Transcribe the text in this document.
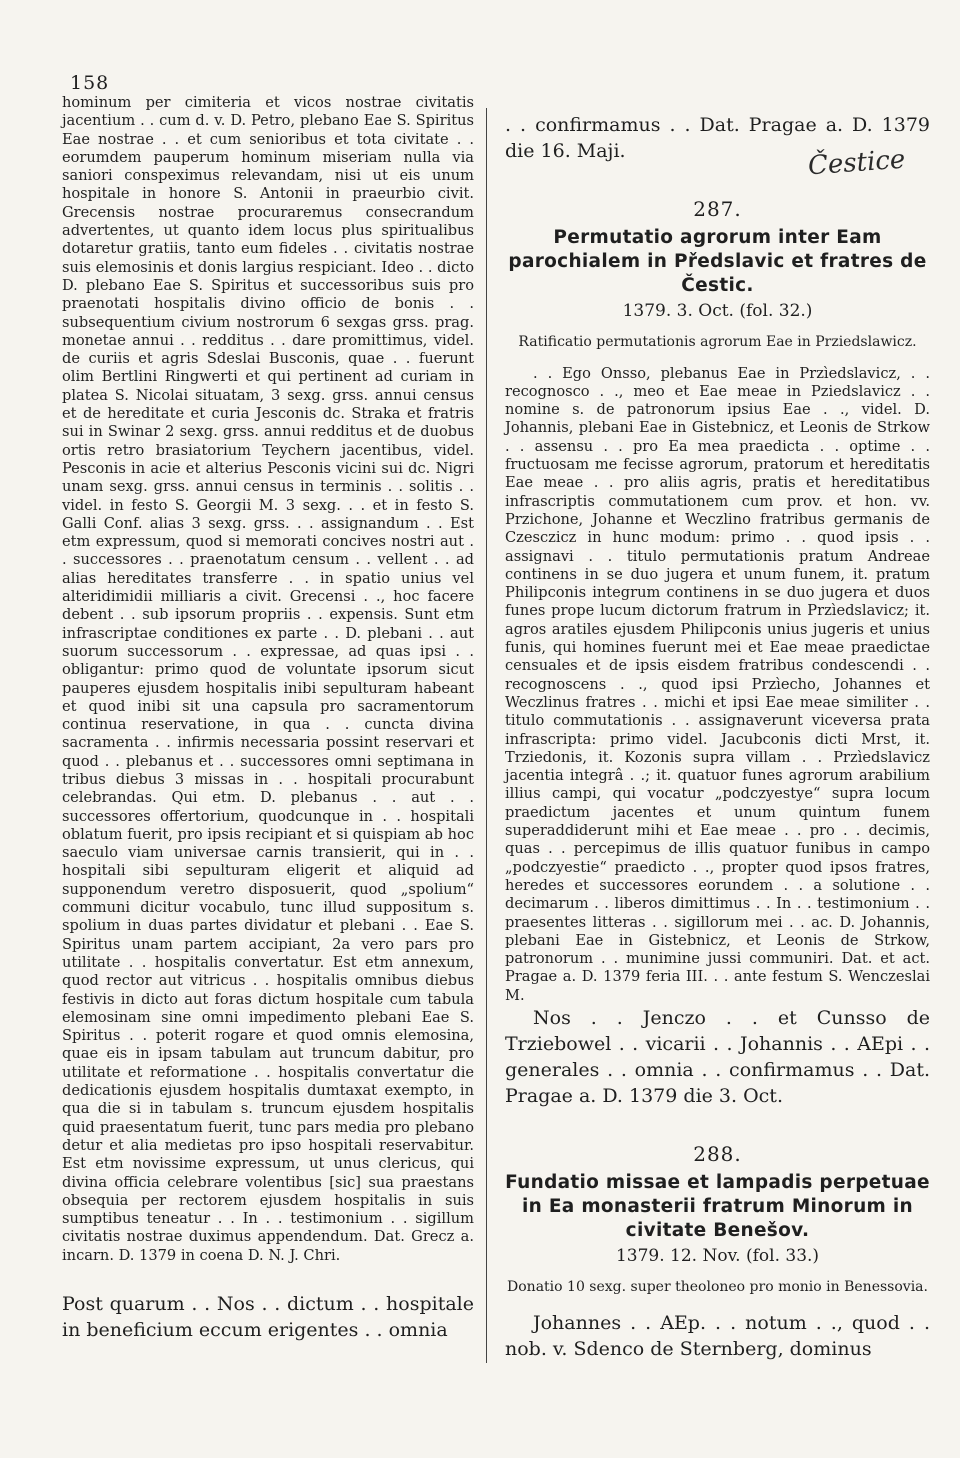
158

hominum per cimiteria et vicos nostrae civitatis jacentium . . cum d. v. D. Petro, plebano Eae S. Spiritus Eae nostrae . . et cum senioribus et tota civitate . . eorumdem pauperum hominum miseriam nulla via saniori conspeximus relevandam, nisi ut eis unum hospitale in honore S. Antonii in praeurbio civit. Grecensis nostrae procuraremus consecrandum advertentes, ut quanto idem locus plus spiritualibus dotaretur gratiis, tanto eum fideles . . civitatis nostrae suis elemosinis et donis largius respiciant. Ideo . . dicto D. plebano Eae S. Spiritus et successoribus suis pro praenotati hospitalis divino officio de bonis . . subsequentium civium nostrorum 6 sexgas grss. prag. monetae annui . . redditus . . dare promittimus, videl. de curiis et agris Sdeslai Busconis, quae . . fuerunt olim Bertlini Ringwerti et qui pertinent ad curiam in platea S. Nicolai situatam, 3 sexg. grss. annui census et de hereditate et curia Jesconis dc. Straka et fratris sui in Swinar 2 sexg. grss. annui redditus et de duobus ortis retro brasiatorium Teychern jacentibus, videl. Pesconis in acie et alterius Pesconis vicini sui dc. Nigri unam sexg. grss. annui census in terminis . . solitis . . videl. in festo S. Georgii M. 3 sexg. . . et in festo S. Galli Conf. alias 3 sexg. grss. . . assignandum . . Est etm expressum, quod si memorati concives nostri aut . . successores . . praenotatum censum . . vellent . . ad alias hereditates transferre . . in spatio unius vel alteridimidii milliaris a civit. Grecensi . ., hoc facere debent . . sub ipsorum propriis . . expensis. Sunt etm infrascriptae conditiones ex parte . . D. plebani . . aut suorum successorum . . expressae, ad quas ipsi . . obligantur: primo quod de voluntate ipsorum sicut pauperes ejusdem hospitalis inibi sepulturam habeant et quod inibi sit una capsula pro sacramentorum continua reservatione, in qua . . cuncta divina sacramenta . . infirmis necessaria possint reservari et quod . . plebanus et . . successores omni septimana in tribus diebus 3 missas in . . hospitali procurabunt celebrandas. Qui etm. D. plebanus . . aut . . successores offertorium, quodcunque in . . hospitali oblatum fuerit, pro ipsis recipiant et si quispiam ab hoc saeculo viam universae carnis transierit, qui in . . hospitali sibi sepulturam eligerit et aliquid ad supponendum veretro disposuerit, quod „spolium“ communi dicitur vocabulo, tunc illud suppositum s. spolium in duas partes dividatur et plebani . . Eae S. Spiritus unam partem accipiant, 2a vero pars pro utilitate . . hospitalis convertatur. Est etm annexum, quod rector aut vitricus . . hospitalis omnibus diebus festivis in dicto aut foras dictum hospitale cum tabula elemosinam sine omni impedimento plebani Eae S. Spiritus . . poterit rogare et quod omnis elemosina, quae eis in ipsam tabulam aut truncum dabitur, pro utilitate et reformatione . . hospitalis convertatur die dedicationis ejusdem hospitalis dumtaxat exempto, in qua die si in tabulam s. truncum ejusdem hospitalis quid praesentatum fuerit, tunc pars media pro plebano detur et alia medietas pro ipso hospitali reservabitur. Est etm novissime expressum, ut unus clericus, qui divina officia celebrare volentibus [sic] sua praestans obsequia per rectorem ejusdem hospitalis in suis sumptibus teneatur . . In . . testimonium . . sigillum civitatis nostrae duximus appendendum. Dat. Grecz a. incarn. D. 1379 in coena D. N. J. Chri.

Post quarum . . Nos . . dictum . . hospitale in beneficium eccum erigentes . . omnia

Čestice

. . confirmamus . . Dat. Pragae a. D. 1379 die 16. Maji.

287.
Permutatio agrorum inter Eam parochialem in Předslavic et fratres de Čestic.
1379. 3. Oct. (fol. 32.)
Ratificatio permutationis agrorum Eae in Prziedslawicz.

. . Ego Onsso, plebanus Eae in Przìedslavicz, . . recognosco . ., meo et Eae meae in Pziedslavicz . . nomine s. de patronorum ipsius Eae . ., videl. D. Johannis, plebani Eae in Gistebnicz, et Leonis de Strkow . . assensu . . pro Ea mea praedicta . . optime . . fructuosam me fecisse agrorum, pratorum et hereditatis Eae meae . . pro aliis agris, pratis et hereditatibus infrascriptis commutationem cum prov. et hon. vv. Przichone, Johanne et Weczlino fratribus germanis de Czesczicz in hunc modum: primo . . quod ipsis . . assignavi . . titulo permutationis pratum Andreae continens in se duo jugera et unum funem, it. pratum Philipconis integrum continens in se duo jugera et duos funes prope lucum dictorum fratrum in Przìedslavicz; it. agros aratiles ejusdem Philipconis unius jugeris et unius funis, qui homines fuerunt mei et Eae meae praedictae censuales et de ipsis eisdem fratribus condescendi . . recognoscens . ., quod ipsi Przìecho, Johannes et Weczlinus fratres . . michi et ipsi Eae meae similiter . . titulo commutationis . . assignaverunt viceversa prata infrascripta: primo videl. Jacubconis dicti Mrst, it. Trziedonis, it. Kozonis supra villam . . Przìedslavicz jacentia integrâ . .; it. quatuor funes agrorum arabilium illius campi, qui vocatur „podczyestye“ supra locum praedictum jacentes et unum quintum funem superaddiderunt mihi et Eae meae . . pro . . decimis, quas . . percepimus de illis quatuor funibus in campo „podczyestie“ praedicto . ., propter quod ipsos fratres, heredes et successores eorundem . . a solutione . . decimarum . . liberos dimittimus . . In . . testimonium . . praesentes litteras . . sigillorum mei . . ac. D. Johannis, plebani Eae in Gistebnicz, et Leonis de Strkow, patronorum . . munimine jussi communiri. Dat. et act. Pragae a. D. 1379 feria III. . . ante festum S. Wenczeslai M.

Nos . . Jenczo . . et Cunsso de Trziebowel . . vicarii . . Johannis . . AEpi . . generales . . omnia . . confirmamus . . Dat. Pragae a. D. 1379 die 3. Oct.

288.
Fundatio missae et lampadis perpetuae in Ea monasterii fratrum Minorum in civitate Benešov.
1379. 12. Nov. (fol. 33.)
Donatio 10 sexg. super theoloneo pro monio in Benessovia.

Johannes . . AEp. . . notum . ., quod . . nob. v. Sdenco de Sternberg, dominus
